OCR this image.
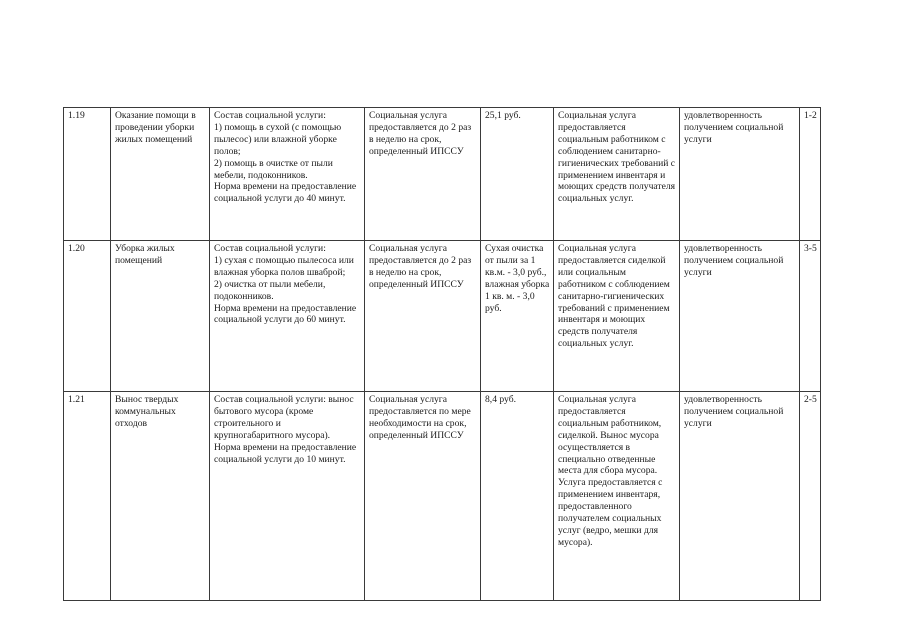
1.19	Оказание помощи в проведении уборки жилых помещений	Состав социальной услуги:
1) помощь в сухой (с помощью пылесос) или влажной уборке полов;
2) помощь в очистке от пыли мебели, подоконников.
Норма времени на предоставление социальной услуги до 40 минут.	Социальная услуга предоставляется до 2 раз в неделю на срок, определенный ИПССУ	25,1 руб.	Социальная услуга предоставляется социальным работником с соблюдением санитарно-гигиенических требований с применением инвентаря и моющих средств получателя социальных услуг.	удовлетворенность получением социальной услуги	1-2

1.20	Уборка жилых помещений	Состав социальной услуги:
1) сухая с помощью пылесоса или влажная уборка полов шваброй;
2) очистка от пыли мебели, подоконников.
Норма времени на предоставление социальной услуги до 60 минут.	Социальная услуга предоставляется до 2 раз в неделю на срок, определенный ИПССУ	Сухая очистка от пыли за 1 кв.м. - 3,0 руб., влажная уборка 1 кв. м. - 3,0 руб.	Социальная услуга предоставляется сиделкой или социальным работником с соблюдением санитарно-гигиенических требований с применением инвентаря и моющих средств получателя социальных услуг.	удовлетворенность получением социальной услуги	3-5

1.21	Вынос твердых коммунальных отходов	Состав социальной услуги: вынос бытового мусора (кроме строительного и крупногабаритного мусора).
Норма времени на предоставление социальной услуги до 10 минут.	Социальная услуга предоставляется по мере необходимости на срок, определенный ИПССУ	8,4 руб.	Социальная услуга предоставляется социальным работником, сиделкой. Вынос мусора осуществляется в специально отведенные места для сбора мусора. Услуга предоставляется с применением инвентаря, предоставленного получателем социальных услуг (ведро, мешки для мусора).	удовлетворенность получением социальной услуги	2-5
